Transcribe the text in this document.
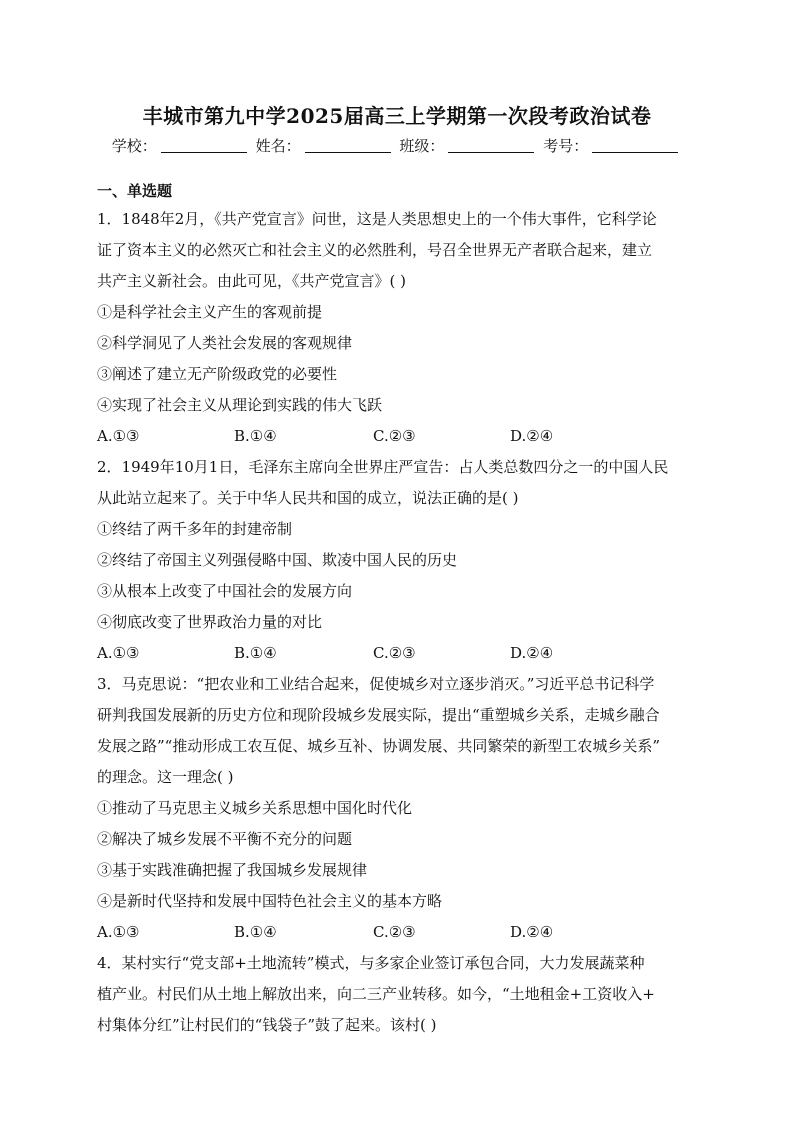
丰城市第九中学2025届高三上学期第一次段考政治试卷
学校：	姓名：	班级：	考号：
一、单选题
1．1848年2月，《共产党宣言》问世，这是人类思想史上的一个伟大事件，它科学论
证了资本主义的必然灭亡和社会主义的必然胜利，号召全世界无产者联合起来，建立
共产主义新社会。由此可见，《共产党宣言》( )
①是科学社会主义产生的客观前提
②科学洞见了人类社会发展的客观规律
③阐述了建立无产阶级政党的必要性
④实现了社会主义从理论到实践的伟大飞跃
A.①③	B.①④	C.②③	D.②④
2．1949年10月1日，毛泽东主席向全世界庄严宣告：占人类总数四分之一的中国人民
从此站立起来了。关于中华人民共和国的成立，说法正确的是( )
①终结了两千多年的封建帝制
②终结了帝国主义列强侵略中国、欺凌中国人民的历史
③从根本上改变了中国社会的发展方向
④彻底改变了世界政治力量的对比
A.①③	B.①④	C.②③	D.②④
3．马克思说：“把农业和工业结合起来，促使城乡对立逐步消灭。”习近平总书记科学
研判我国发展新的历史方位和现阶段城乡发展实际，提出“重塑城乡关系，走城乡融合
发展之路”“推动形成工农互促、城乡互补、协调发展、共同繁荣的新型工农城乡关系”
的理念。这一理念( )
①推动了马克思主义城乡关系思想中国化时代化
②解决了城乡发展不平衡不充分的问题
③基于实践准确把握了我国城乡发展规律
④是新时代坚持和发展中国特色社会主义的基本方略
A.①③	B.①④	C.②③	D.②④
4．某村实行“党支部+土地流转”模式，与多家企业签订承包合同，大力发展蔬菜种
植产业。村民们从土地上解放出来，向二三产业转移。如今，“土地租金+工资收入+
村集体分红”让村民们的“钱袋子”鼓了起来。该村( )
